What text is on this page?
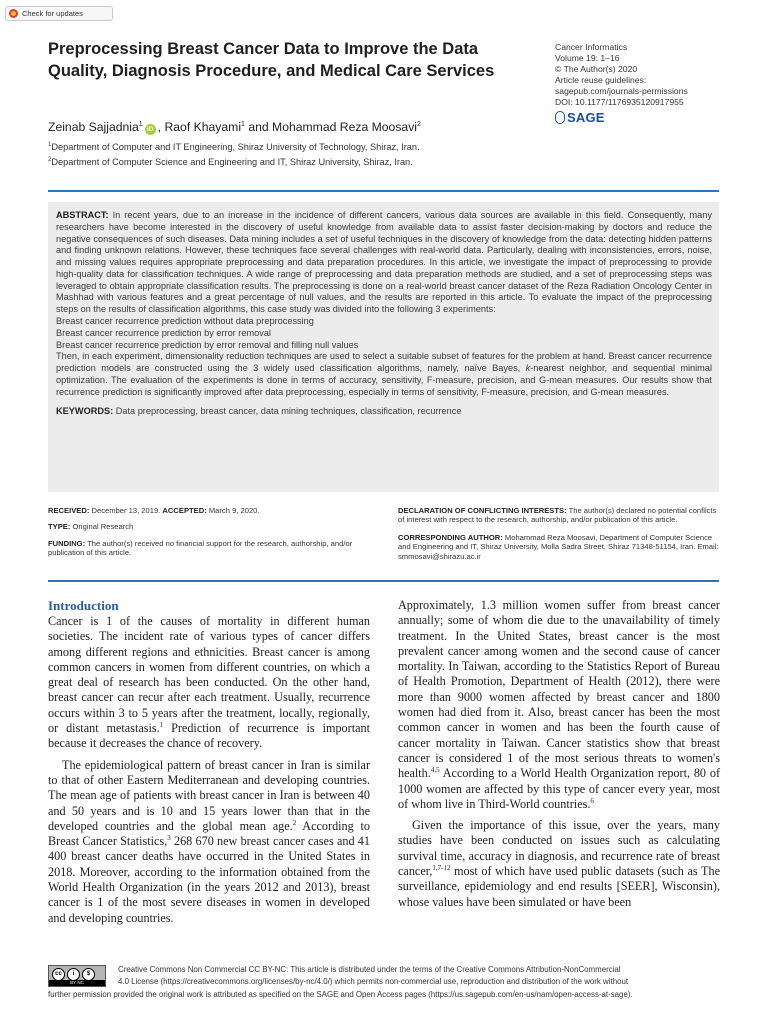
Check for updates
Preprocessing Breast Cancer Data to Improve the Data Quality, Diagnosis Procedure, and Medical Care Services
Cancer Informatics
Volume 19: 1–16
© The Author(s) 2020
Article reuse guidelines:
sagepub.com/journals-permissions
DOI: 10.1177/1176935120917955
SAGE
Zeinab Sajjadnia$^1$iD , Raof Khayami$^1$ and Mohammad Reza Moosavi$^2$
$^1$Department of Computer and IT Engineering, Shiraz University of Technology, Shiraz, Iran.
$^2$Department of Computer Science and Engineering and IT, Shiraz University, Shiraz, Iran.

ABSTRACT: In recent years, due to an increase in the incidence of different cancers, various data sources are available in this field. Consequently, many researchers have become interested in the discovery of useful knowledge from available data to assist faster decision-making by doctors and reduce the negative consequences of such diseases. Data mining includes a set of useful techniques in the discovery of knowledge from the data: detecting hidden patterns and finding unknown relations. However, these techniques face several challenges with real-world data. Particularly, dealing with inconsistencies, errors, noise, and missing values requires appropriate preprocessing and data preparation procedures. In this article, we investigate the impact of preprocessing to provide high-quality data for classification techniques. A wide range of preprocessing and data preparation methods are studied, and a set of preprocessing steps was leveraged to obtain appropriate classification results. The preprocessing is done on a real-world breast cancer dataset of the Reza Radiation Oncology Center in Mashhad with various features and a great percentage of null values, and the results are reported in this article. To evaluate the impact of the preprocessing steps on the results of classification algorithms, this case study was divided into the following 3 experiments:

Breast cancer recurrence prediction without data preprocessing

Breast cancer recurrence prediction by error removal

Breast cancer recurrence prediction by error removal and filling null values

Then, in each experiment, dimensionality reduction techniques are used to select a suitable subset of features for the problem at hand. Breast cancer recurrence prediction models are constructed using the 3 widely used classification algorithms, namely, naïve Bayes, k-nearest neighbor, and sequential minimal optimization. The evaluation of the experiments is done in terms of accuracy, sensitivity, F-measure, precision, and G-mean measures. Our results show that recurrence prediction is significantly improved after data preprocessing, especially in terms of sensitivity, F-measure, precision, and G-mean measures.

KEYWORDS: Data preprocessing, breast cancer, data mining techniques, classification, recurrence

RECEIVED: December 13, 2019. ACCEPTED: March 9, 2020.
TYPE: Original Research
FUNDING: The author(s) received no financial support for the research, authorship, and/or publication of this article.
DECLARATION OF CONFLICTING INTERESTS: The author(s) declared no potential conflicts of interest with respect to the research, authorship, and/or publication of this article.
CORRESPONDING AUTHOR: Mohammad Reza Moosavi, Department of Computer Science and Engineering and IT, Shiraz University, Molla Sadra Street, Shiraz 71348-51154, Iran. Email: smmosavi@shirazu.ac.ir
Introduction

Cancer is 1 of the causes of mortality in different human societies. The incident rate of various types of cancer differs among different regions and ethnicities. Breast cancer is among common cancers in women from different countries, on which a great deal of research has been conducted. On the other hand, breast cancer can recur after each treatment. Usually, recurrence occurs within 3 to 5 years after the treatment, locally, regionally, or distant metastasis.$^1$ Prediction of recurrence is important because it decreases the chance of recovery.

The epidemiological pattern of breast cancer in Iran is similar to that of other Eastern Mediterranean and developing countries. The mean age of patients with breast cancer in Iran is between 40 and 50 years and is 10 and 15 years lower than that in the developed countries and the global mean age.$^2$ According to Breast Cancer Statistics,$^3$ 268 670 new breast cancer cases and 41 400 breast cancer deaths have occurred in the United States in 2018. Moreover, according to the information obtained from the World Health Organization (in the years 2012 and 2013), breast cancer is 1 of the most severe diseases in women in developed and developing countries.

Approximately, 1.3 million women suffer from breast cancer annually; some of whom die due to the unavailability of timely treatment. In the United States, breast cancer is the most prevalent cancer among women and the second cause of cancer mortality. In Taiwan, according to the Statistics Report of Bureau of Health Promotion, Department of Health (2012), there were more than 9000 women affected by breast cancer and 1800 women had died from it. Also, breast cancer has been the most common cancer in women and has been the fourth cause of cancer mortality in Taiwan. Cancer statistics show that breast cancer is considered 1 of the most serious threats to women's health.$^{4,5}$ According to a World Health Organization report, 80 of 1000 women are affected by this type of cancer every year, most of whom live in Third-World countries.$^6$

Given the importance of this issue, over the years, many studies have been conducted on issues such as calculating survival time, accuracy in diagnosis, and recurrence rate of breast cancer,$^{1,7-12}$ most of which have used public datasets (such as The surveillance, epidemiology and end results [SEER], Wisconsin), whose values have been simulated or have been

cc	i	$
BY NC
Creative Commons Non Commercial CC BY-NC: This article is distributed under the terms of the Creative Commons Attribution-NonCommercial
4.0 License (https://creativecommons.org/licenses/by-nc/4.0/) which permits non-commercial use, reproduction and distribution of the work without
further permission provided the original work is attributed as specified on the SAGE and Open Access pages (https://us.sagepub.com/en-us/nam/open-access-at-sage).
